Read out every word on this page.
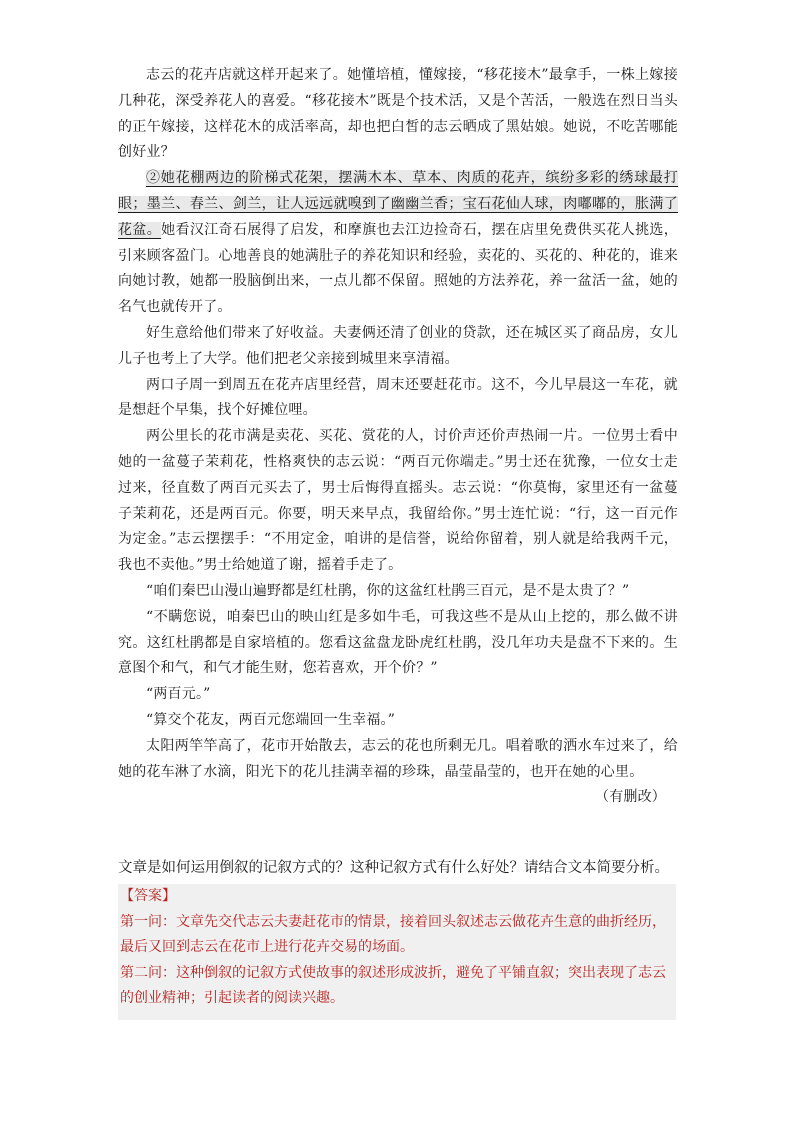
志云的花卉店就这样开起来了。她懂培植，懂嫁接，“移花接木”最拿手，一株上嫁接几种花，深受养花人的喜爱。“移花接木”既是个技术活，又是个苦活，一般选在烈日当头的正午嫁接，这样花木的成活率高，却也把白皙的志云晒成了黑姑娘。她说，不吃苦哪能创好业？

②她花棚两边的阶梯式花架，摆满木本、草本、肉质的花卉，缤纷多彩的绣球最打眼；墨兰、春兰、剑兰，让人远远就嗅到了幽幽兰香；宝石花仙人球，肉嘟嘟的，胀满了花盆。她看汉江奇石展得了启发，和摩旗也去江边捡奇石，摆在店里免费供买花人挑选，引来顾客盈门。心地善良的她满肚子的养花知识和经验，卖花的、买花的、种花的，谁来向她讨教，她都一股脑倒出来，一点儿都不保留。照她的方法养花，养一盆活一盆，她的名气也就传开了。

好生意给他们带来了好收益。夫妻俩还清了创业的贷款，还在城区买了商品房，女儿儿子也考上了大学。他们把老父亲接到城里来享清福。

两口子周一到周五在花卉店里经营，周末还要赶花市。这不，今儿早晨这一车花，就是想赶个早集，找个好摊位哩。

两公里长的花市满是卖花、买花、赏花的人，讨价声还价声热闹一片。一位男士看中她的一盆蔓子茉莉花，性格爽快的志云说：“两百元你端走。”男士还在犹豫，一位女士走过来，径直数了两百元买去了，男士后悔得直摇头。志云说：“你莫悔，家里还有一盆蔓子茉莉花，还是两百元。你要，明天来早点，我留给你。”男士连忙说：“行，这一百元作为定金。”志云摆摆手：“不用定金，咱讲的是信誉，说给你留着，别人就是给我两千元，我也不卖他。”男士给她道了谢，摇着手走了。

“咱们秦巴山漫山遍野都是红杜鹃，你的这盆红杜鹃三百元，是不是太贵了？”

“不瞒您说，咱秦巴山的映山红是多如牛毛，可我这些不是从山上挖的，那么做不讲究。这红杜鹃都是自家培植的。您看这盆盘龙卧虎红杜鹃，没几年功夫是盘不下来的。生意图个和气，和气才能生财，您若喜欢，开个价？”

“两百元。”

“算交个花友，两百元您端回一生幸福。”

太阳两竿竿高了，花市开始散去，志云的花也所剩无几。唱着歌的洒水车过来了，给她的花车淋了水滴，阳光下的花儿挂满幸福的珍珠，晶莹晶莹的，也开在她的心里。

（有删改）

文章是如何运用倒叙的记叙方式的？这种记叙方式有什么好处？请结合文本简要分析。

【答案】

第一问：文章先交代志云夫妻赶花市的情景，接着回头叙述志云做花卉生意的曲折经历，最后又回到志云在花市上进行花卉交易的场面。

第二问：这种倒叙的记叙方式使故事的叙述形成波折，避免了平铺直叙；突出表现了志云的创业精神；引起读者的阅读兴趣。
